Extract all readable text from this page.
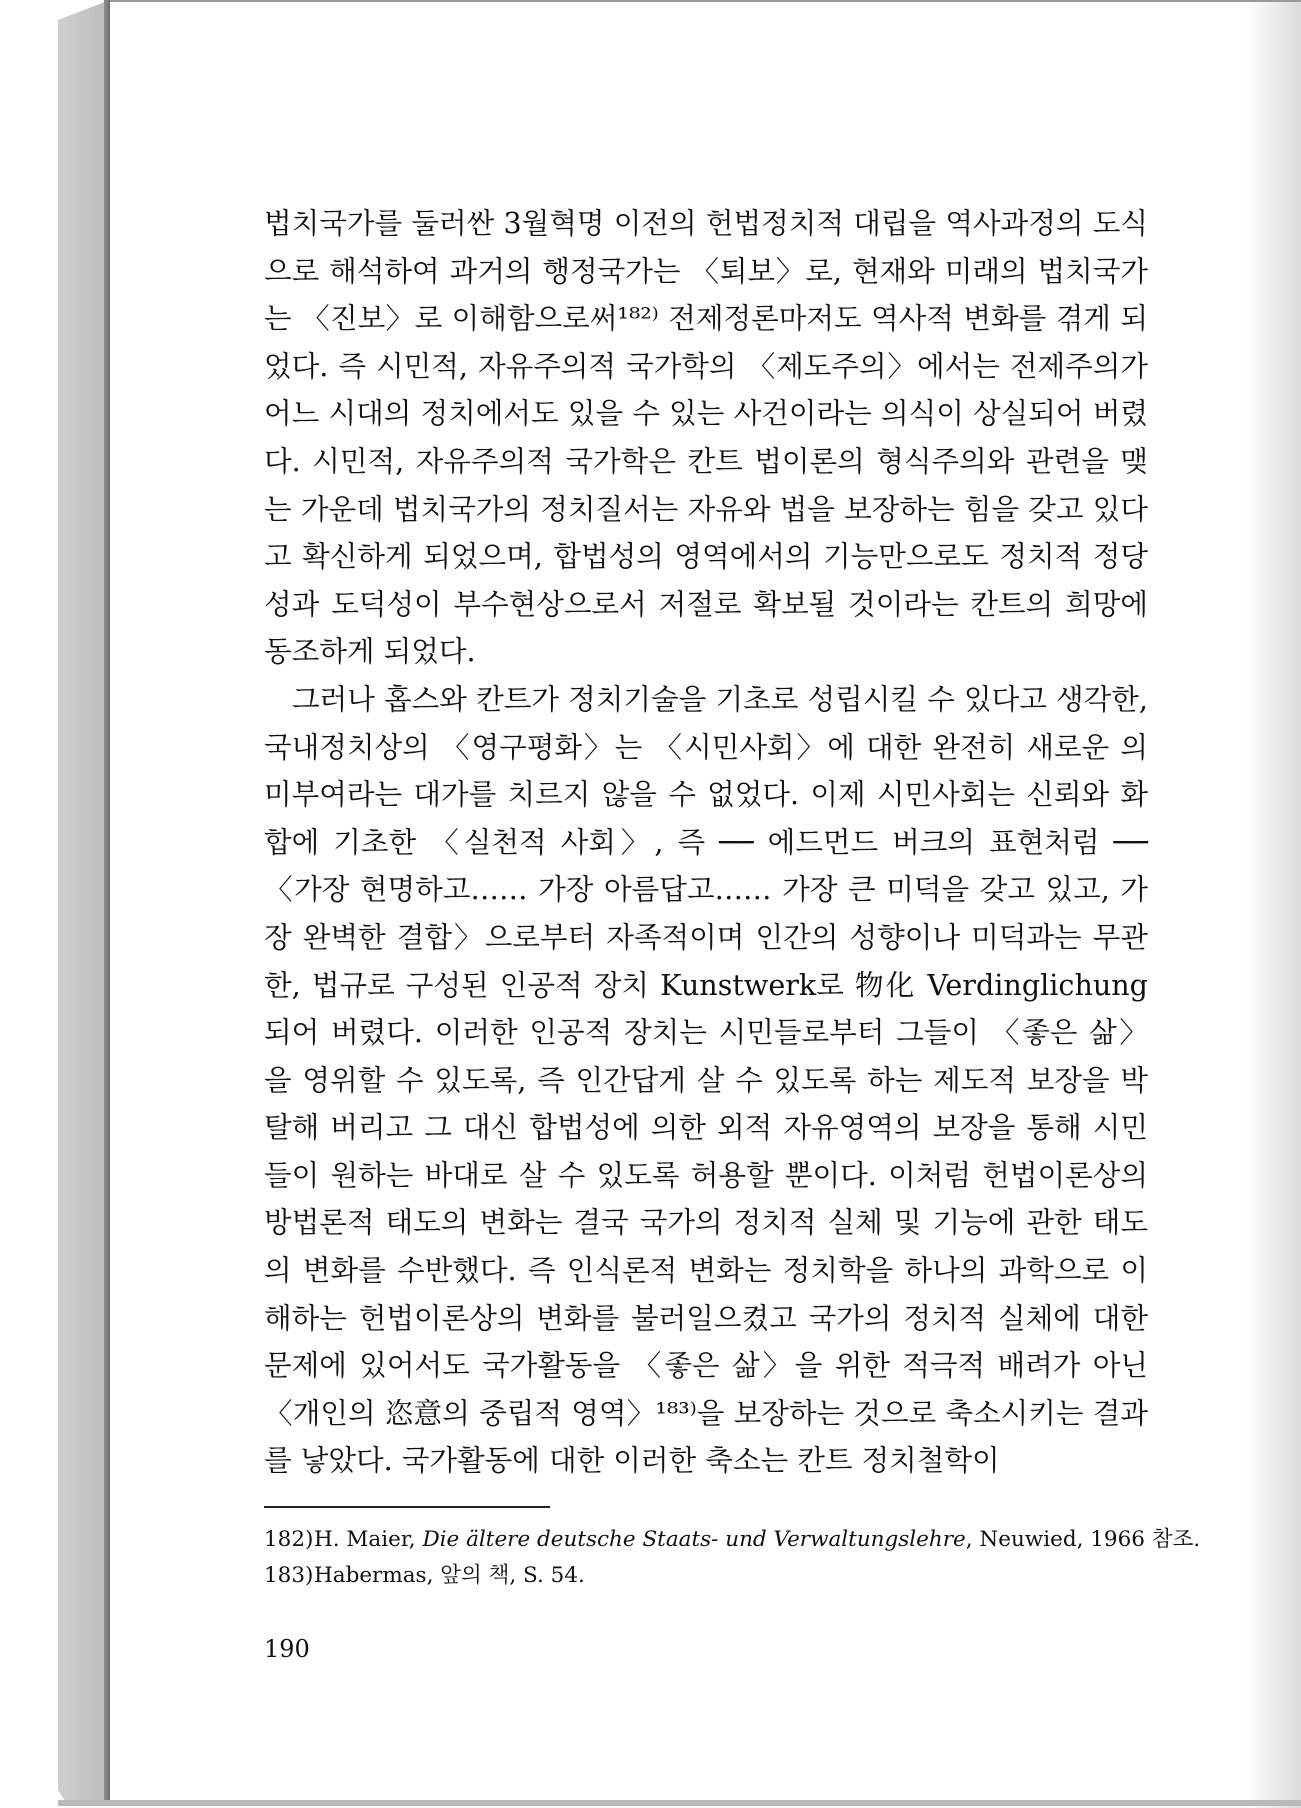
법치국가를 둘러싼 3월혁명 이전의 헌법정치적 대립을 역사과정의 도식으로 해석하여 과거의 행정국가는 〈퇴보〉로, 현재와 미래의 법치국가는 〈진보〉로 이해함으로써¹⁸²⁾ 전제정론마저도 역사적 변화를 겪게 되었다. 즉 시민적, 자유주의적 국가학의 〈제도주의〉에서는 전제주의가 어느 시대의 정치에서도 있을 수 있는 사건이라는 의식이 상실되어 버렸다. 시민적, 자유주의적 국가학은 칸트 법이론의 형식주의와 관련을 맺는 가운데 법치국가의 정치질서는 자유와 법을 보장하는 힘을 갖고 있다고 확신하게 되었으며, 합법성의 영역에서의 기능만으로도 정치적 정당성과 도덕성이 부수현상으로서 저절로 확보될 것이라는 칸트의 희망에 동조하게 되었다.

그러나 홉스와 칸트가 정치기술을 기초로 성립시킬 수 있다고 생각한, 국내정치상의 〈영구평화〉는 〈시민사회〉에 대한 완전히 새로운 의미부여라는 대가를 치르지 않을 수 없었다. 이제 시민사회는 신뢰와 화합에 기초한 〈실천적 사회〉, 즉 ── 에드먼드 버크의 표현처럼 ── 〈가장 현명하고…… 가장 아름답고…… 가장 큰 미덕을 갖고 있고, 가장 완벽한 결합〉으로부터 자족적이며 인간의 성향이나 미덕과는 무관한, 법규로 구성된 인공적 장치 Kunstwerk로 物化 Verdinglichung되어 버렸다. 이러한 인공적 장치는 시민들로부터 그들이 〈좋은 삶〉을 영위할 수 있도록, 즉 인간답게 살 수 있도록 하는 제도적 보장을 박탈해 버리고 그 대신 합법성에 의한 외적 자유영역의 보장을 통해 시민들이 원하는 바대로 살 수 있도록 허용할 뿐이다. 이처럼 헌법이론상의 방법론적 태도의 변화는 결국 국가의 정치적 실체 및 기능에 관한 태도의 변화를 수반했다. 즉 인식론적 변화는 정치학을 하나의 과학으로 이해하는 헌법이론상의 변화를 불러일으켰고 국가의 정치적 실체에 대한 문제에 있어서도 국가활동을 〈좋은 삶〉을 위한 적극적 배려가 아닌 〈개인의 恣意의 중립적 영역〉¹⁸³⁾을 보장하는 것으로 축소시키는 결과를 낳았다. 국가활동에 대한 이러한 축소는 칸트 정치철학이

182)H. Maier, Die ältere deutsche Staats- und Verwaltungslehre, Neuwied, 1966 참조.

183)Habermas, 앞의 책, S. 54.

190
